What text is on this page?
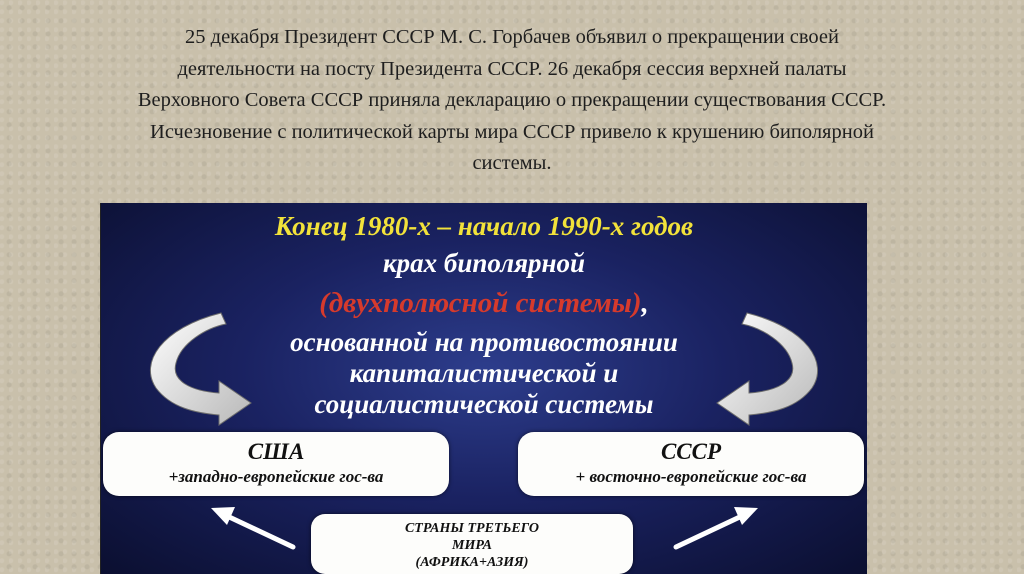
25 декабря Президент СССР М. С. Горбачев объявил о прекращении своей
деятельности на посту Президента СССР. 26 декабря сессия верхней палаты
Верховного Совета СССР приняла декларацию о прекращении существования СССР.
Исчезновение с политической карты мира СССР привело к крушению биполярной
системы.
Конец 1980-х – начало 1990-х годов
крах биполярной
(двухполюсной системы),
основанной на противостоянии
капиталистической и
социалистической системы
США
+западно-европейские гос-ва
СССР
+ восточно-европейские гос-ва
СТРАНЫ ТРЕТЬЕГО
МИРА
(АФРИКА+АЗИЯ)
